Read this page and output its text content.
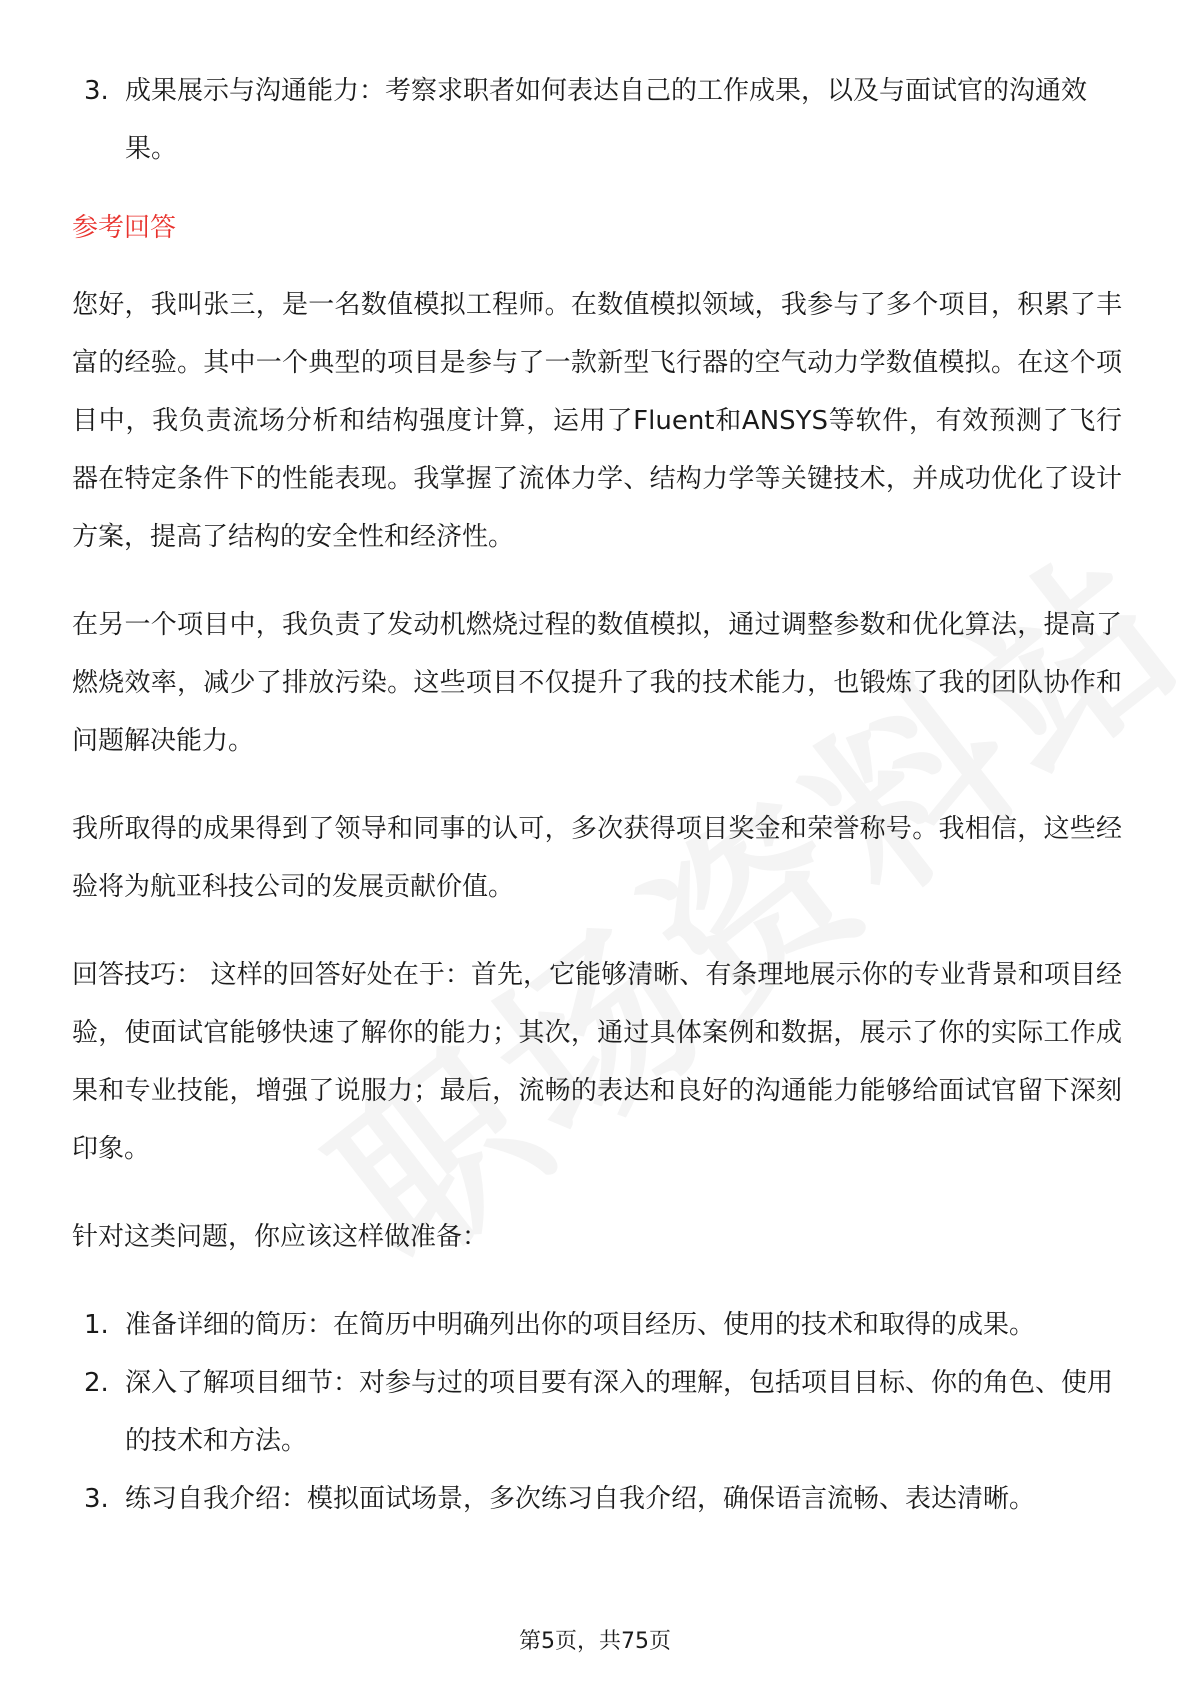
3. 成果展示与沟通能力：考察求职者如何表达自己的工作成果，以及与面试官的沟通效果。
参考回答

您好，我叫张三，是一名数值模拟工程师。在数值模拟领域，我参与了多个项目，积累了丰富的经验。其中一个典型的项目是参与了一款新型飞行器的空气动力学数值模拟。在这个项目中，我负责流场分析和结构强度计算，运用了Fluent和ANSYS等软件，有效预测了飞行器在特定条件下的性能表现。我掌握了流体力学、结构力学等关键技术，并成功优化了设计方案，提高了结构的安全性和经济性。

在另一个项目中，我负责了发动机燃烧过程的数值模拟，通过调整参数和优化算法，提高了燃烧效率，减少了排放污染。这些项目不仅提升了我的技术能力，也锻炼了我的团队协作和问题解决能力。

我所取得的成果得到了领导和同事的认可，多次获得项目奖金和荣誉称号。我相信，这些经验将为航亚科技公司的发展贡献价值。

回答技巧： 这样的回答好处在于：首先，它能够清晰、有条理地展示你的专业背景和项目经验，使面试官能够快速了解你的能力；其次，通过具体案例和数据，展示了你的实际工作成果和专业技能，增强了说服力；最后，流畅的表达和良好的沟通能力能够给面试官留下深刻印象。

针对这类问题，你应该这样做准备：

1. 准备详细的简历：在简历中明确列出你的项目经历、使用的技术和取得的成果。
2. 深入了解项目细节：对参与过的项目要有深入的理解，包括项目目标、你的角色、使用的技术和方法。
3. 练习自我介绍：模拟面试场景，多次练习自我介绍，确保语言流畅、表达清晰。
第5页，共75页
